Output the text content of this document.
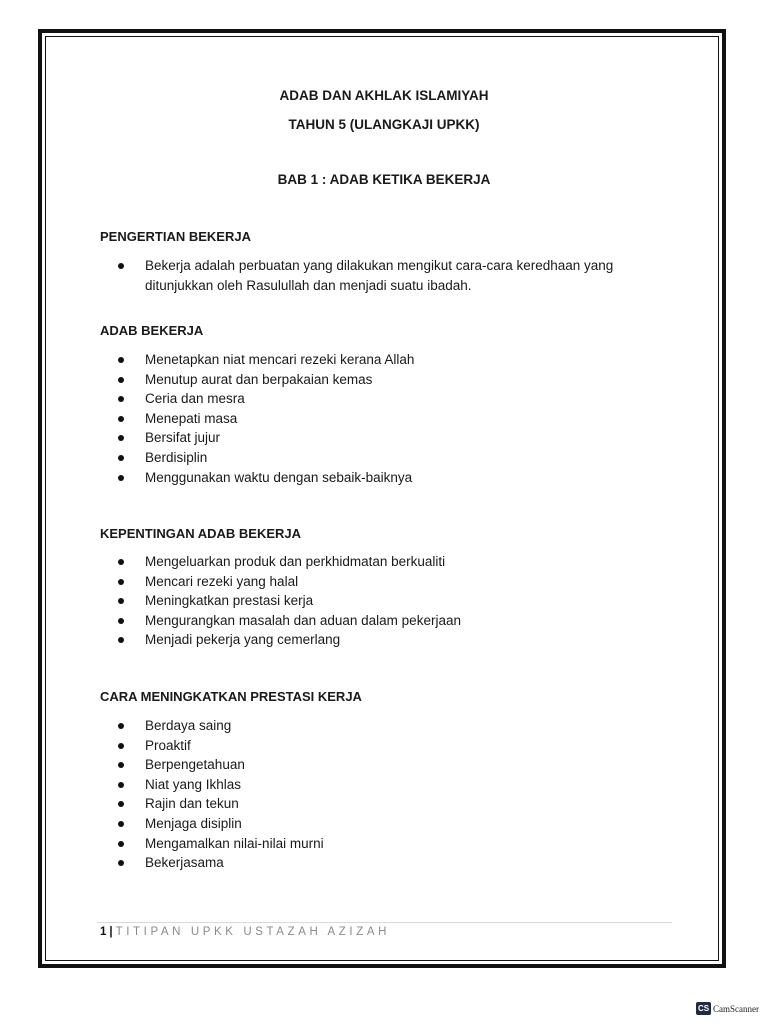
ADAB DAN AKHLAK ISLAMIYAH
TAHUN 5 (ULANGKAJI UPKK)
BAB 1 : ADAB KETIKA BEKERJA
PENGERTIAN BEKERJA
Bekerja adalah perbuatan yang dilakukan mengikut cara-cara keredhaan yang ditunjukkan oleh Rasulullah dan menjadi suatu ibadah.
ADAB BEKERJA
Menetapkan niat mencari rezeki kerana Allah
Menutup aurat dan berpakaian kemas
Ceria dan mesra
Menepati masa
Bersifat jujur
Berdisiplin
Menggunakan waktu dengan sebaik-baiknya
KEPENTINGAN ADAB BEKERJA
Mengeluarkan produk dan perkhidmatan berkualiti
Mencari rezeki yang halal
Meningkatkan prestasi kerja
Mengurangkan masalah dan aduan dalam pekerjaan
Menjadi pekerja yang cemerlang
CARA MENINGKATKAN PRESTASI KERJA
Berdaya saing
Proaktif
Berpengetahuan
Niat yang Ikhlas
Rajin dan tekun
Menjaga disiplin
Mengamalkan nilai-nilai murni
Bekerjasama
1 | TITIPAN UPKK USTAZAH AZIZAH
CS CamScanner
